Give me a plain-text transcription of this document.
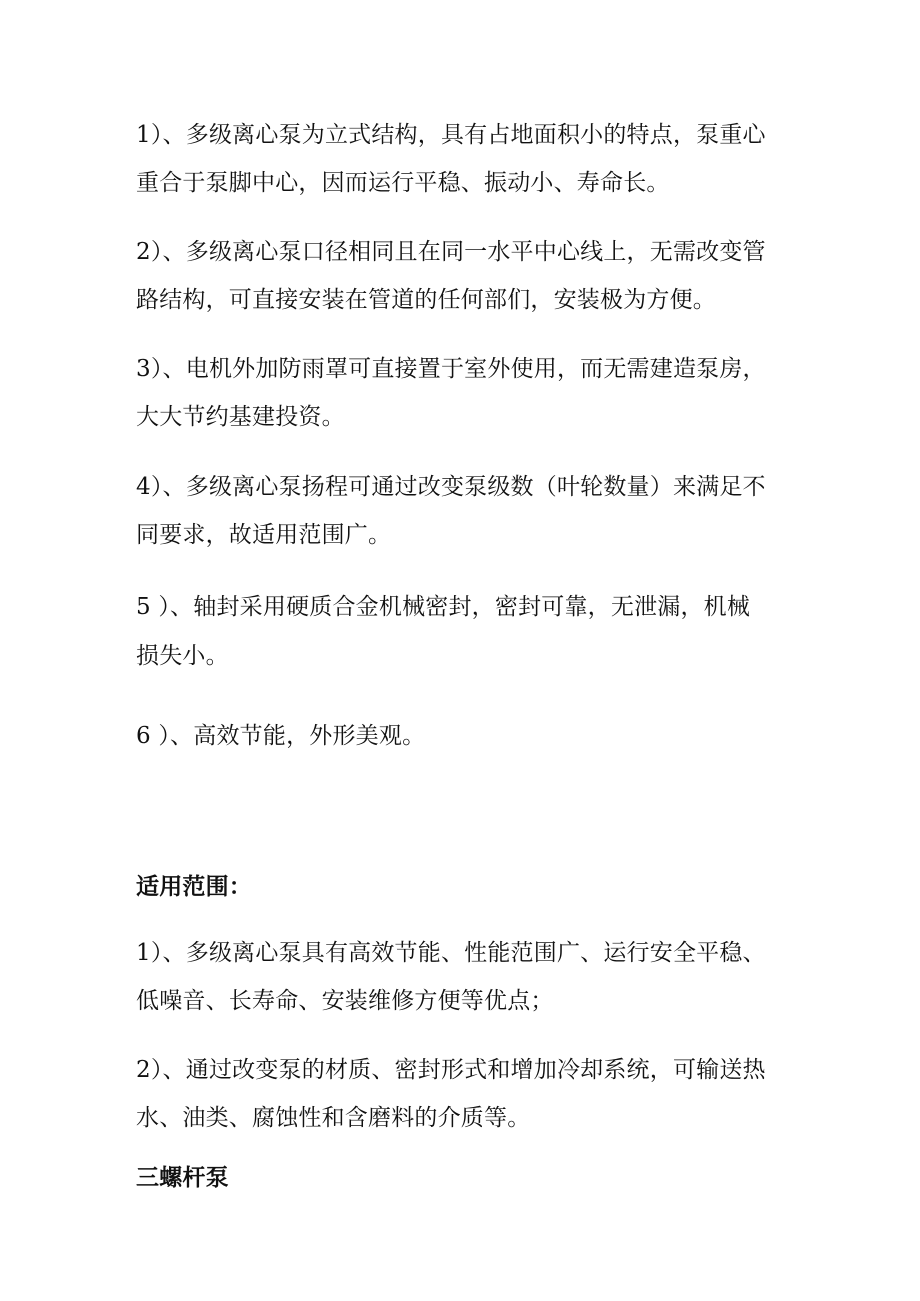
1）、多级离心泵为立式结构，具有占地面积小的特点，泵重心
重合于泵脚中心，因而运行平稳、振动小、寿命长。
2）、多级离心泵口径相同且在同一水平中心线上，无需改变管
路结构，可直接安装在管道的任何部们，安装极为方便。
3）、电机外加防雨罩可直接置于室外使用，而无需建造泵房，
大大节约基建投资。
4）、多级离心泵扬程可通过改变泵级数（叶轮数量）来满足不
同要求，故适用范围广。
5 ）、轴封采用硬质合金机械密封，密封可靠，无泄漏，机械
损失小。
6 ）、高效节能，外形美观。
适用范围：
1）、多级离心泵具有高效节能、性能范围广、运行安全平稳、
低噪音、长寿命、安装维修方便等优点；
2）、通过改变泵的材质、密封形式和增加冷却系统，可输送热
水、油类、腐蚀性和含磨料的介质等。
三螺杆泵
